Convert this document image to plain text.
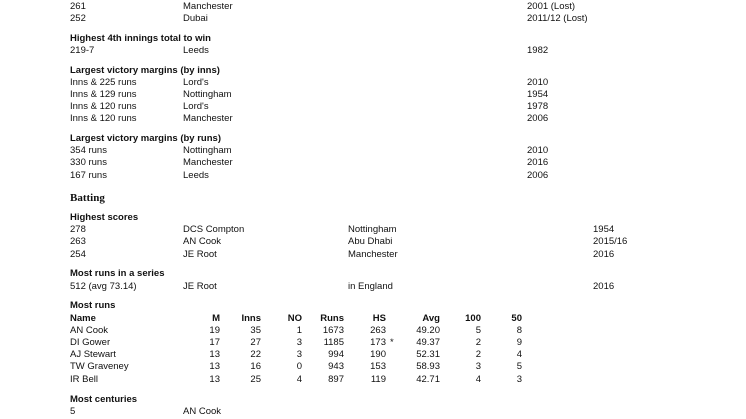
261	Manchester	2001 (Lost)
252	Dubai	2011/12 (Lost)
Highest 4th innings total to win
219-7	Leeds	1982
Largest victory margins (by inns)
Inns & 225 runs	Lord's	2010
Inns & 129 runs	Nottingham	1954
Inns & 120 runs	Lord's	1978
Inns & 120 runs	Manchester	2006
Largest victory margins (by runs)
354 runs	Nottingham	2010
330 runs	Manchester	2016
167 runs	Leeds	2006
Batting
Highest scores
278	DCS Compton	Nottingham	1954
263	AN Cook	Abu Dhabi	2015/16
254	JE Root	Manchester	2016
Most runs in a series
512 (avg 73.14)	JE Root	in England	2016
Most runs
Name	M	Inns	NO	Runs	HS	Avg	100	50
AN Cook	19	35	1	1673	263	49.20	5	8
DI Gower	17	27	3	1185	173 *	49.37	2	9
AJ Stewart	13	22	3	994	190	52.31	2	4
TW Graveney	13	16	0	943	153	58.93	3	5
IR Bell	13	25	4	897	119	42.71	4	3
Most centuries
5	AN Cook
